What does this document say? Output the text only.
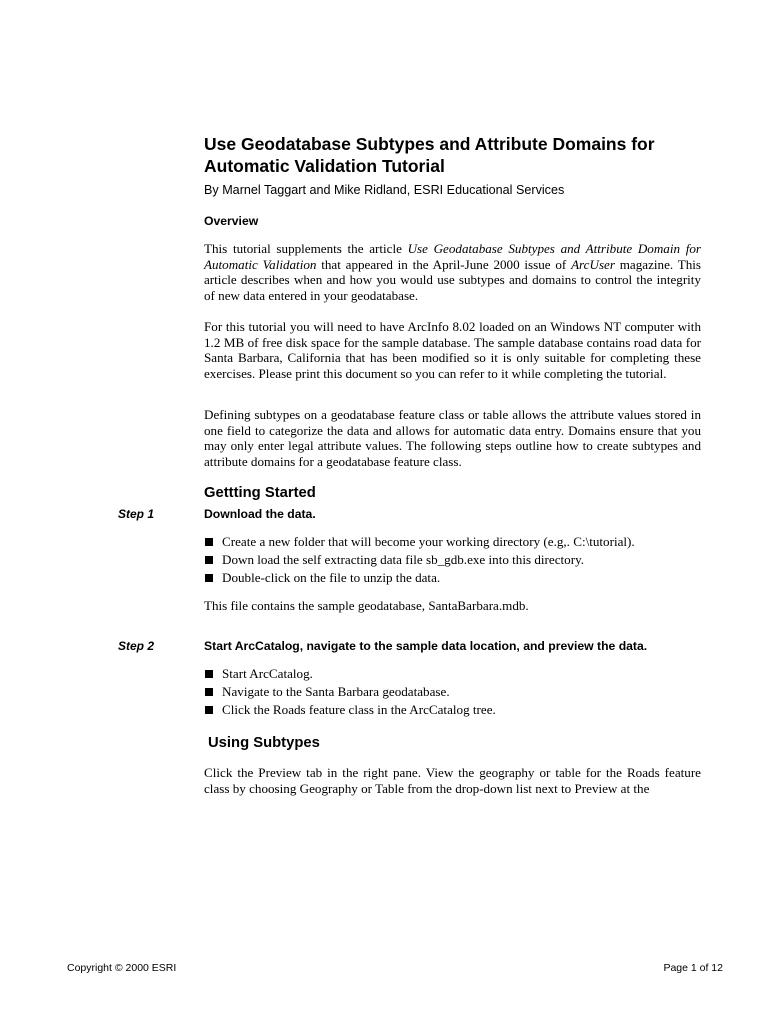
Use Geodatabase Subtypes and Attribute Domains for Automatic Validation Tutorial
By Marnel Taggart and Mike Ridland, ESRI Educational Services
Overview
This tutorial supplements the article Use Geodatabase Subtypes and Attribute Domain for Automatic Validation that appeared in the April-June 2000 issue of ArcUser magazine. This article describes when and how you would use subtypes and domains to control the integrity of new data entered in your geodatabase.
For this tutorial you will need to have ArcInfo 8.02 loaded on an Windows NT computer with 1.2 MB of free disk space for the sample database. The sample database contains road data for Santa Barbara, California that has been modified so it is only suitable for completing these exercises. Please print this document so you can refer to it while completing the tutorial.
Defining subtypes on a geodatabase feature class or table allows the attribute values stored in one field to categorize the data and allows for automatic data entry. Domains ensure that you may only enter legal attribute values. The following steps outline how to create subtypes and attribute domains for a geodatabase feature class.
Gettting Started
Step 1	Download the data.
Create a new folder that will become your working directory (e.g,. C:\tutorial).
Down load the self extracting data file sb_gdb.exe into this directory.
Double-click on the file to unzip the data.
This file contains the sample geodatabase, SantaBarbara.mdb.
Step 2	Start ArcCatalog, navigate to the sample data location, and preview the data.
Start ArcCatalog.
Navigate to the Santa Barbara geodatabase.
Click the Roads feature class in the ArcCatalog tree.
Using Subtypes
Click the Preview tab in the right pane. View the geography or table for the Roads feature class by choosing Geography or Table from the drop-down list next to Preview at the
Copyright © 2000 ESRI	Page 1 of 12
